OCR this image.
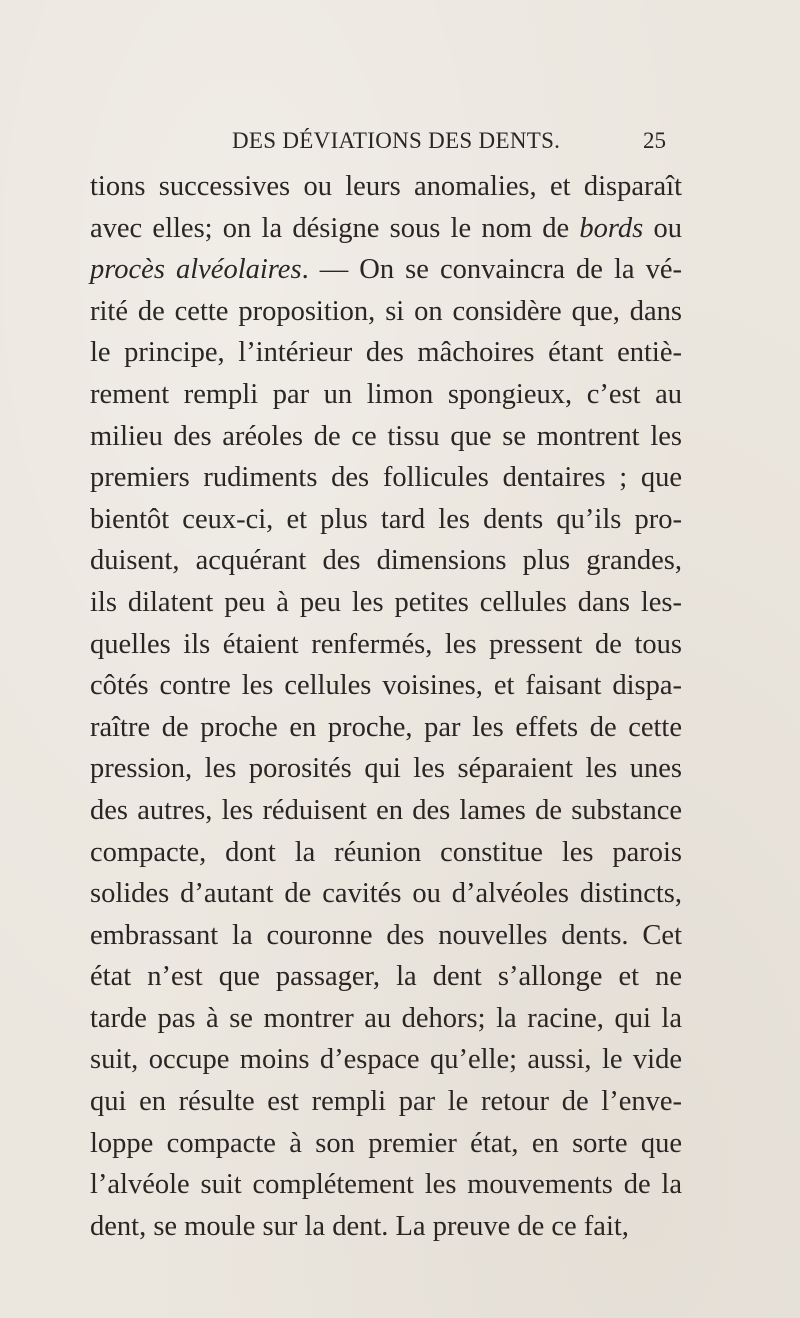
DES DÉVIATIONS DES DENTS.	25
tions successives ou leurs anomalies, et disparaît
avec elles; on la désigne sous le nom de bords ou
procès alvéolaires. — On se convaincra de la vé-
rité de cette proposition, si on considère que, dans
le principe, l’intérieur des mâchoires étant entiè-
rement rempli par un limon spongieux, c’est au
milieu des aréoles de ce tissu que se montrent les
premiers rudiments des follicules dentaires ; que
bientôt ceux-ci, et plus tard les dents qu’ils pro-
duisent, acquérant des dimensions plus grandes,
ils dilatent peu à peu les petites cellules dans les-
quelles ils étaient renfermés, les pressent de tous
côtés contre les cellules voisines, et faisant dispa-
raître de proche en proche, par les effets de cette
pression, les porosités qui les séparaient les unes
des autres, les réduisent en des lames de substance
compacte, dont la réunion constitue les parois
solides d’autant de cavités ou d’alvéoles distincts,
embrassant la couronne des nouvelles dents. Cet
état n’est que passager, la dent s’allonge et ne
tarde pas à se montrer au dehors; la racine, qui la
suit, occupe moins d’espace qu’elle; aussi, le vide
qui en résulte est rempli par le retour de l’enve-
loppe compacte à son premier état, en sorte que
l’alvéole suit complétement les mouvements de la
dent, se moule sur la dent. La preuve de ce fait,
